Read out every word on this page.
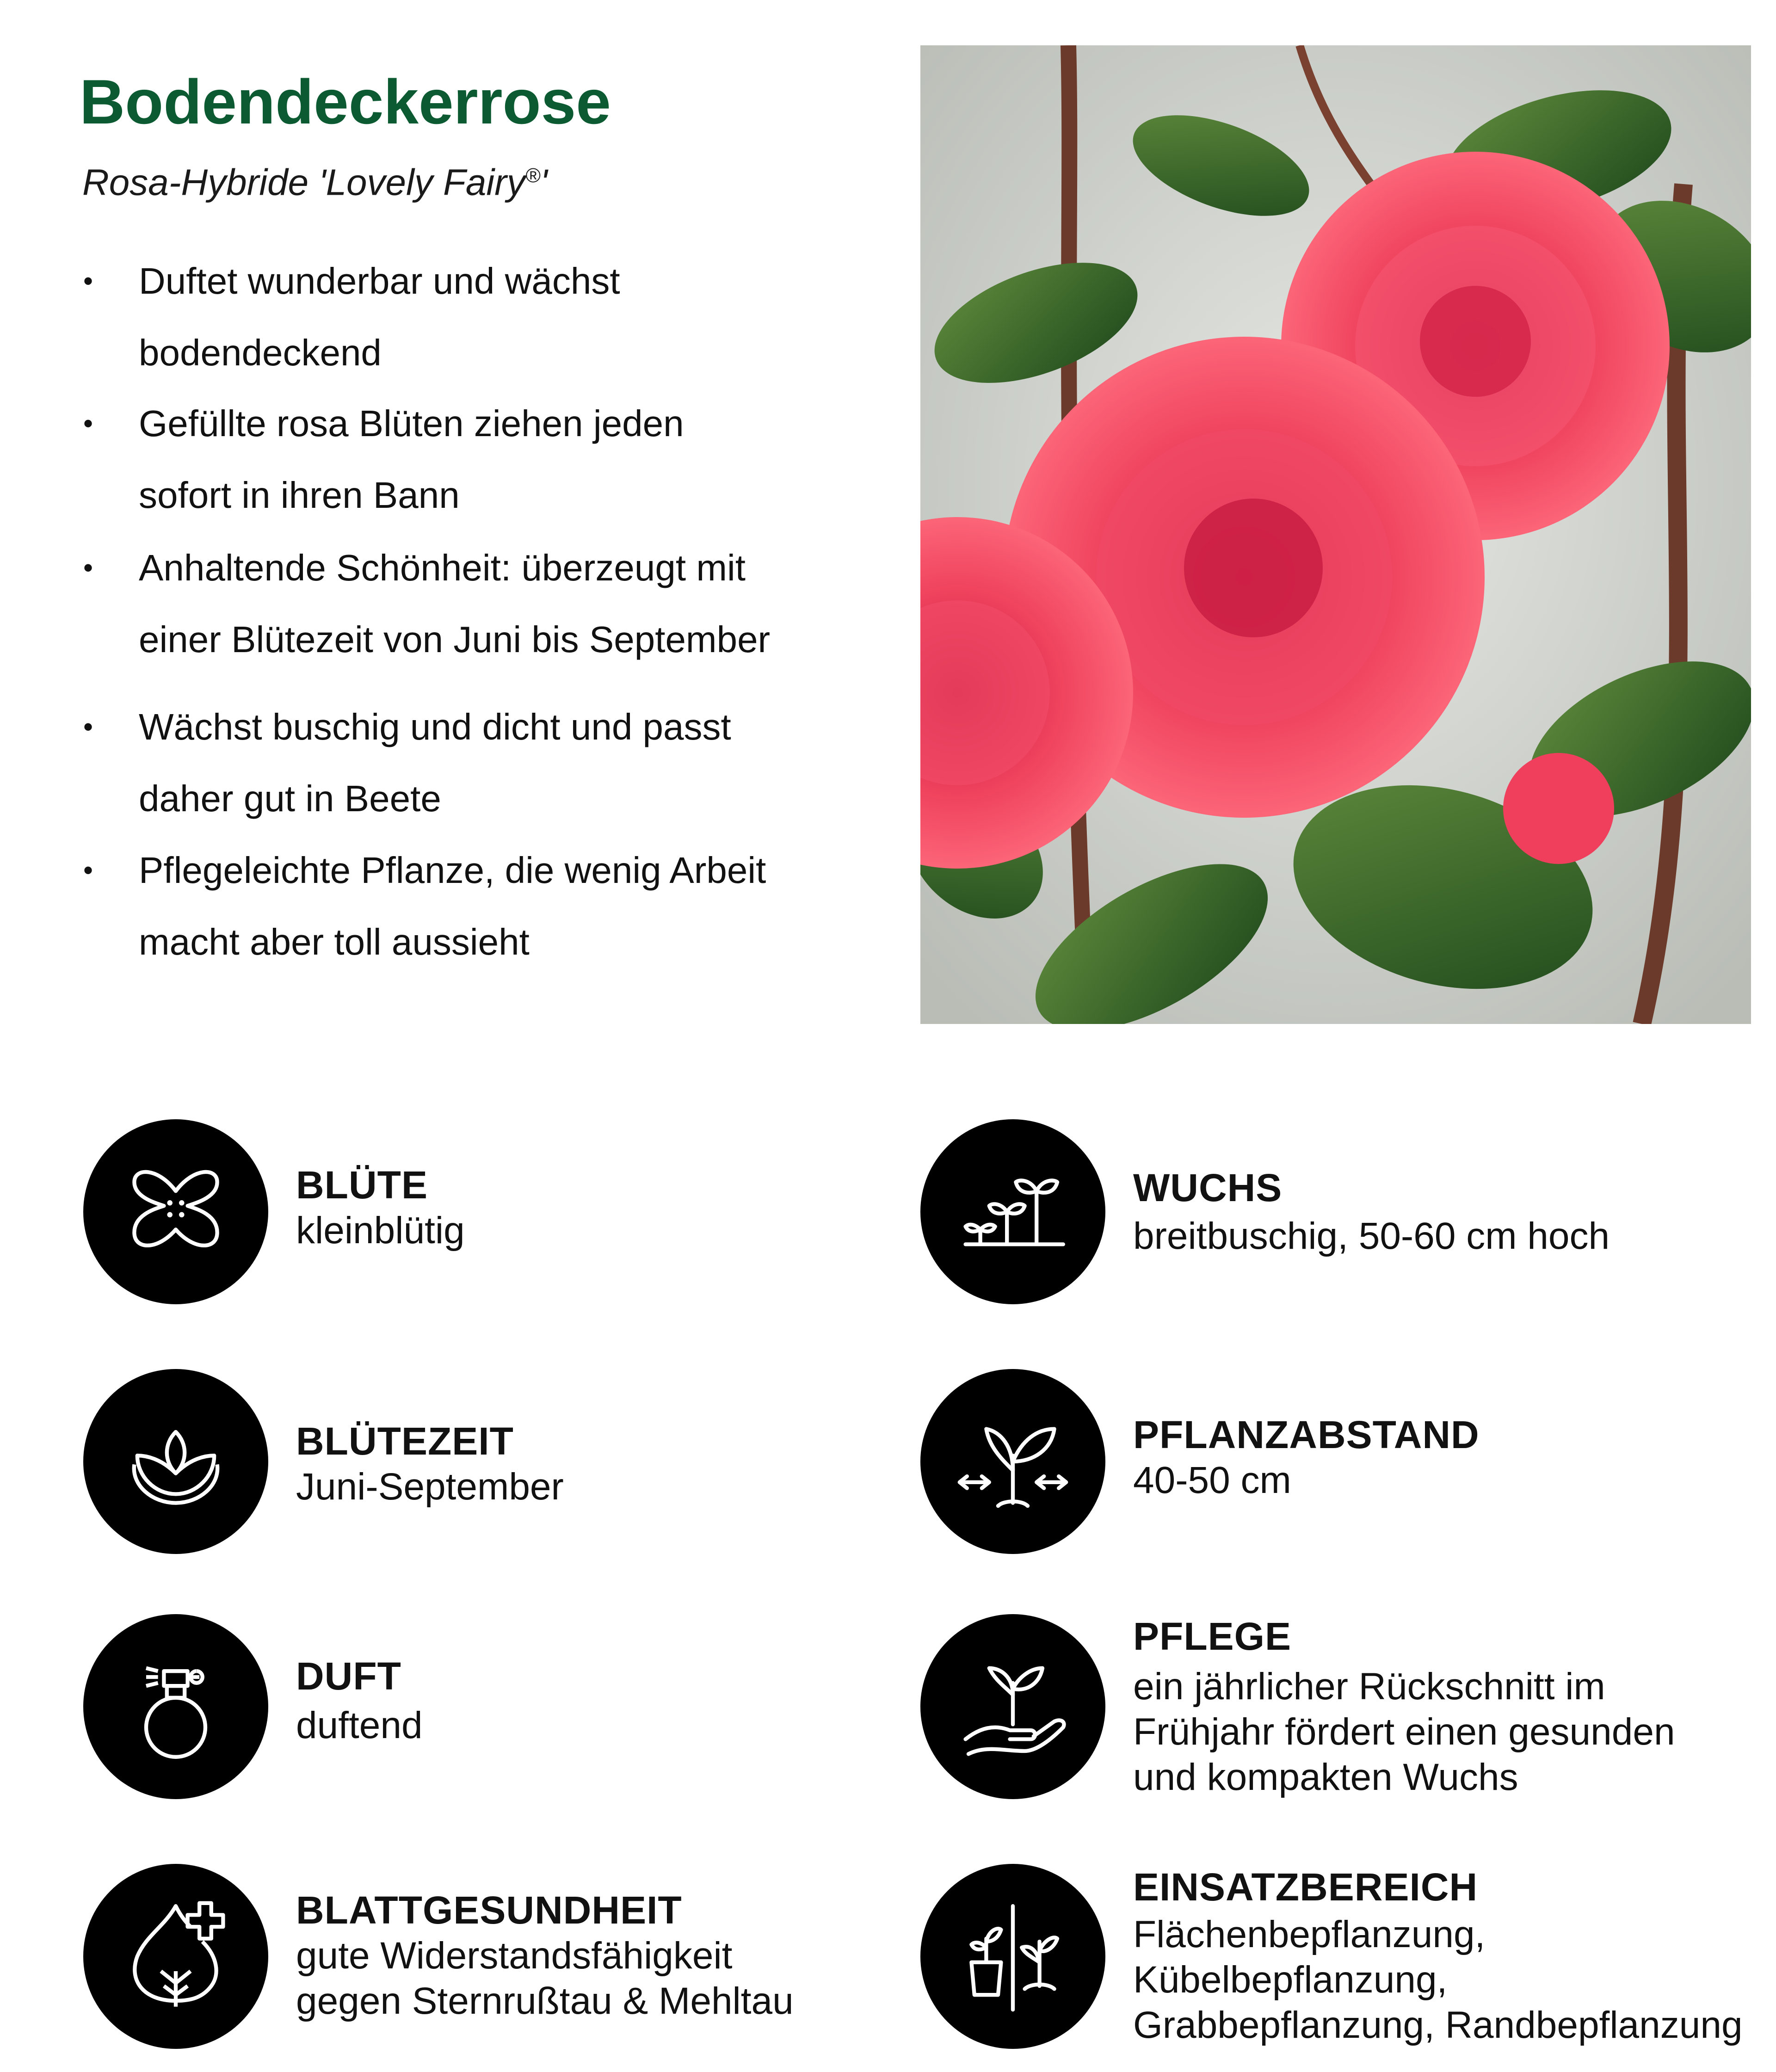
Bodendeckerrose
Rosa-Hybride 'Lovely Fairy®'
• Duftet wunderbar und wächst
bodendeckend
• Gefüllte rosa Blüten ziehen jeden
sofort in ihren Bann
• Anhaltende Schönheit: überzeugt mit
einer Blütezeit von Juni bis September
• Wächst buschig und dicht und passt
daher gut in Beete
• Pflegeleichte Pflanze, die wenig Arbeit
macht aber toll aussieht
BLÜTE
kleinblütig
BLÜTEZEIT
Juni-September
DUFT
duftend
BLATTGESUNDHEIT
gute Widerstandsfähigkeit
gegen Sternrußtau & Mehltau
WUCHS
breitbuschig, 50-60 cm hoch
PFLANZABSTAND
40-50 cm
PFLEGE
ein jährlicher Rückschnitt im
Frühjahr fördert einen gesunden
und kompakten Wuchs
EINSATZBEREICH
Flächenbepflanzung,
Kübelbepflanzung,
Grabbepflanzung, Randbepflanzung
